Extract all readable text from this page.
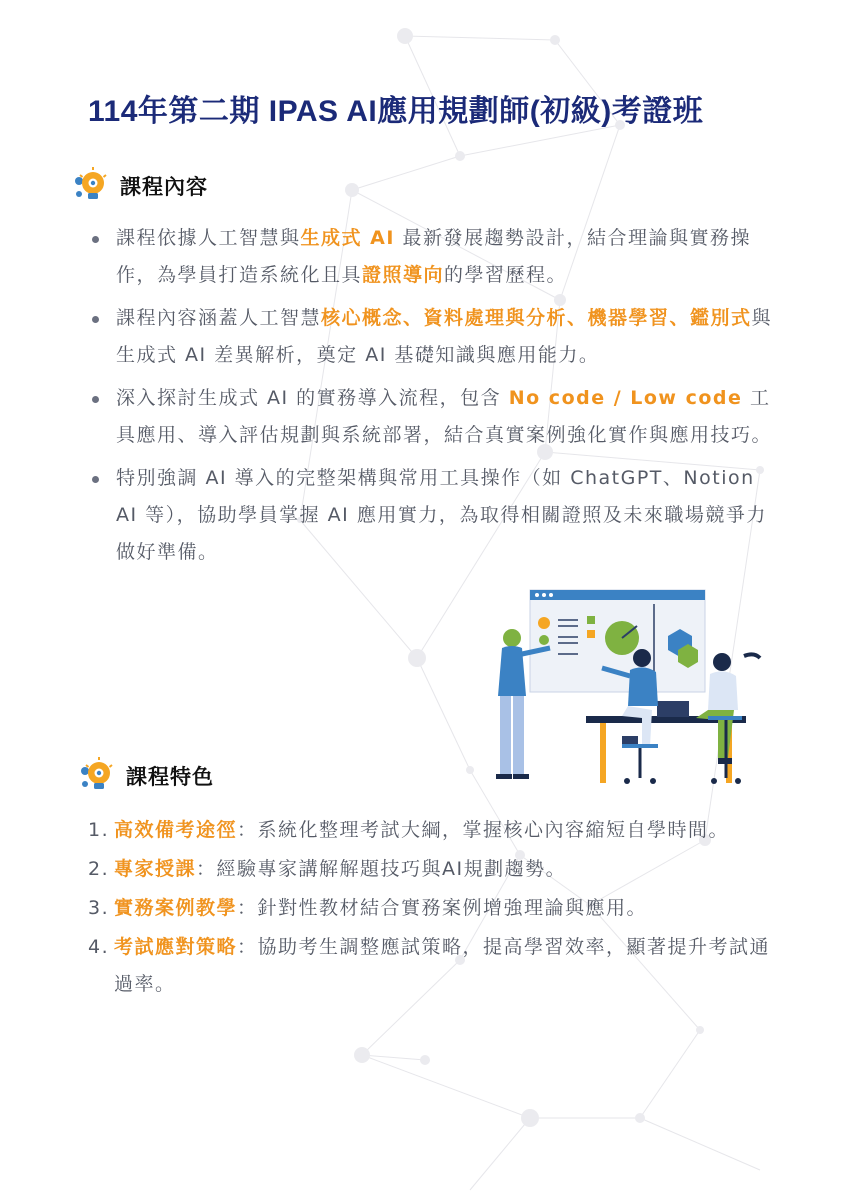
114年第二期 IPAS AI應用規劃師(初級)考證班
課程內容
課程依據人工智慧與生成式 AI 最新發展趨勢設計，結合理論與實務操作，為學員打造系統化且具證照導向的學習歷程。
課程內容涵蓋人工智慧核心概念、資料處理與分析、機器學習、鑑別式與生成式 AI 差異解析，奠定 AI 基礎知識與應用能力。
深入探討生成式 AI 的實務導入流程，包含 No code / Low code 工具應用、導入評估規劃與系統部署，結合真實案例強化實作與應用技巧。
特別強調 AI 導入的完整架構與常用工具操作（如 ChatGPT、Notion AI 等），協助學員掌握 AI 應用實力，為取得相關證照及未來職場競爭力做好準備。
課程特色
1. 高效備考途徑：系統化整理考試大綱，掌握核心內容縮短自學時間。
2. 專家授課：經驗專家講解解題技巧與AI規劃趨勢。
3. 實務案例教學：針對性教材結合實務案例增強理論與應用。
4. 考試應對策略：協助考生調整應試策略，提高學習效率，顯著提升考試通過率。
